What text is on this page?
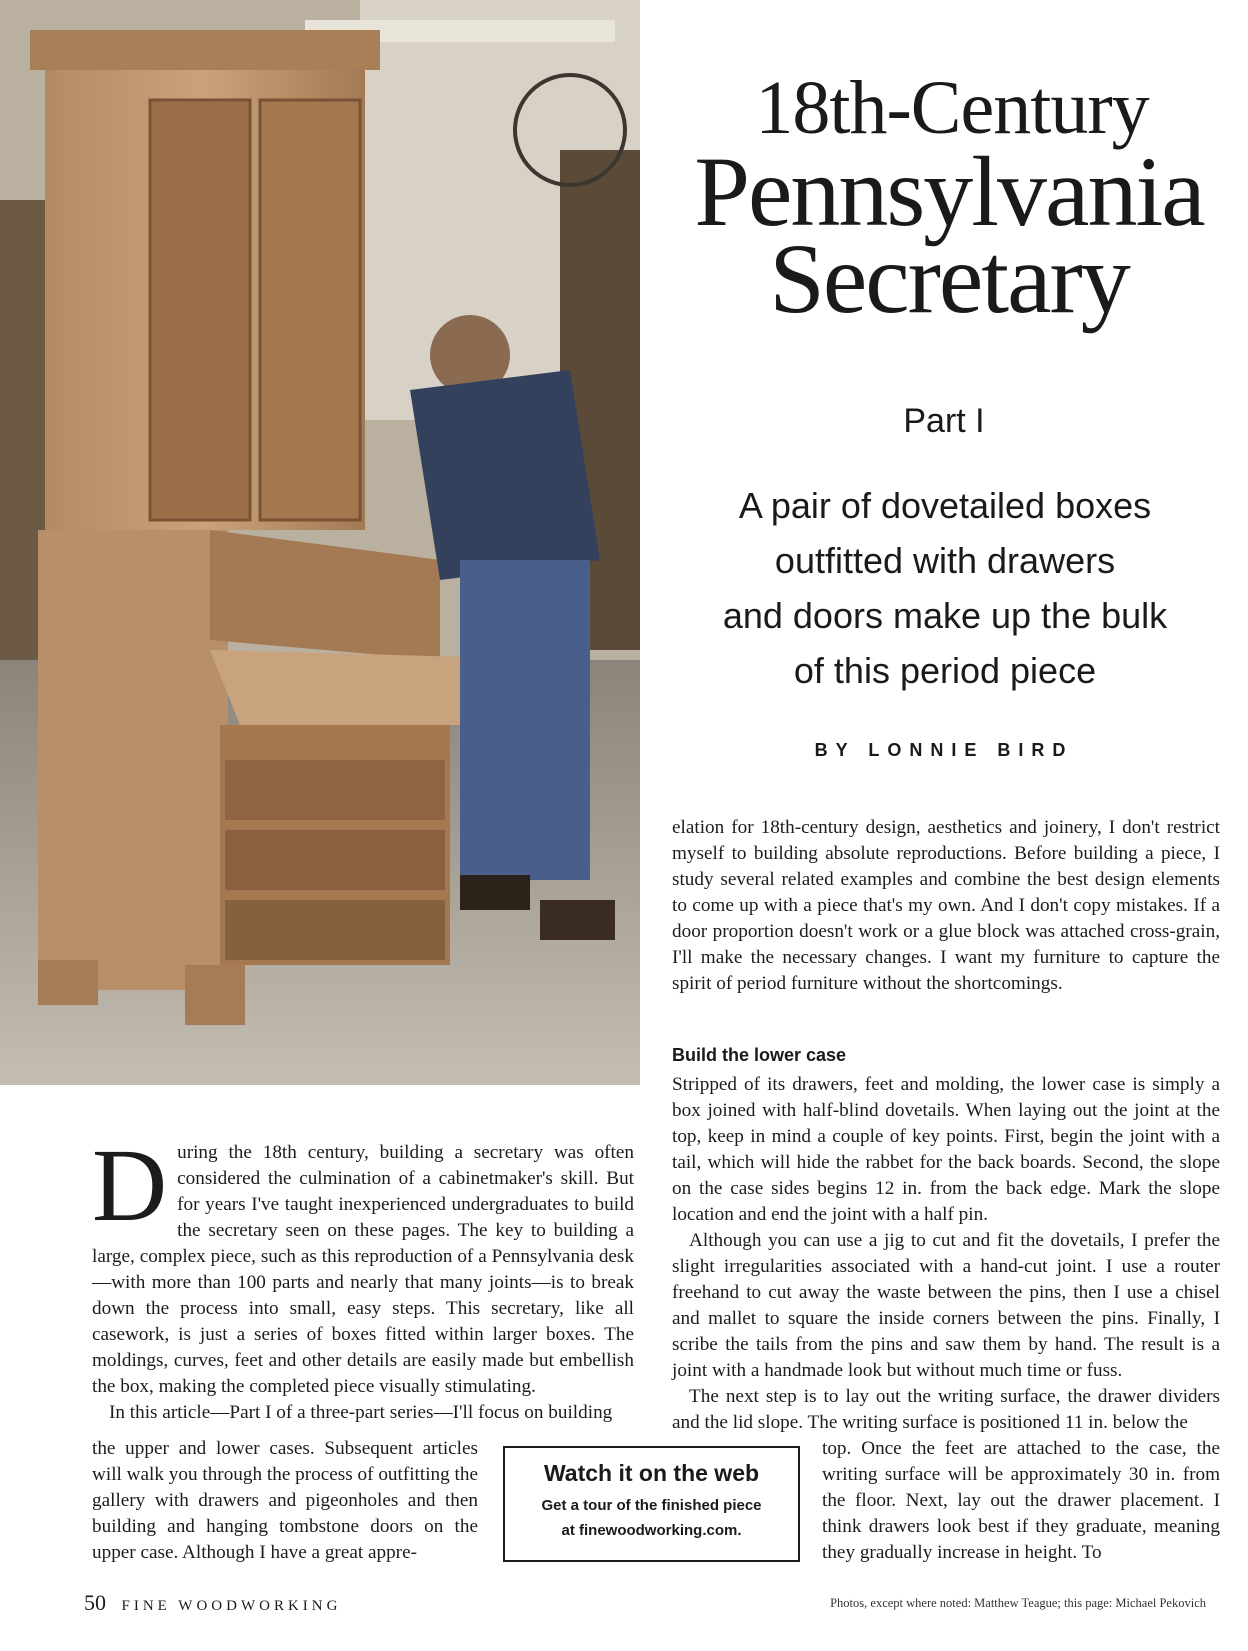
18th-Century
Pennsylvania
Secretary
Part I
A pair of dovetailed boxes
outfitted with drawers
and doors make up the bulk
of this period piece
BY LONNIE BIRD

elation for 18th-century design, aesthetics and joinery, I don't restrict myself to building absolute reproductions. Before building a piece, I study several related examples and combine the best design elements to come up with a piece that's my own. And I don't copy mistakes. If a door proportion doesn't work or a glue block was attached cross-grain, I'll make the necessary changes. I want my furniture to capture the spirit of period furniture without the shortcomings.

Build the lower case

Stripped of its drawers, feet and molding, the lower case is simply a box joined with half-blind dovetails. When laying out the joint at the top, keep in mind a couple of key points. First, begin the joint with a tail, which will hide the rabbet for the back boards. Second, the slope on the case sides begins 12 in. from the back edge. Mark the slope location and end the joint with a half pin.

Although you can use a jig to cut and fit the dovetails, I prefer the slight irregularities associated with a hand-cut joint. I use a router freehand to cut away the waste between the pins, then I use a chisel and mallet to square the inside corners between the pins. Finally, I scribe the tails from the pins and saw them by hand. The result is a joint with a handmade look but without much time or fuss.

The next step is to lay out the writing surface, the drawer dividers and the lid slope. The writing surface is positioned 11 in. below the

top. Once the feet are attached to the case, the writing surface will be approximately 30 in. from the floor. Next, lay out the drawer placement. I think drawers look best if they graduate, meaning they gradually increase in height. To

During the 18th century, building a secretary was often considered the culmination of a cabinetmaker's skill. But for years I've taught inexperienced undergraduates to build the secretary seen on these pages. The key to building a large, complex piece, such as this reproduction of a Pennsylvania desk—with more than 100 parts and nearly that many joints—is to break down the process into small, easy steps. This secretary, like all casework, is just a series of boxes fitted within larger boxes. The moldings, curves, feet and other details are easily made but embellish the box, making the completed piece visually stimulating.

In this article—Part I of a three-part series—I'll focus on building

the upper and lower cases. Subsequent articles will walk you through the process of outfitting the gallery with drawers and pigeonholes and then building and hanging tombstone doors on the upper case. Although I have a great appre-

Watch it on the web
Get a tour of the finished piece
at finewoodworking.com.
50 FINE WOODWORKING	Photos, except where noted: Matthew Teague; this page: Michael Pekovich
